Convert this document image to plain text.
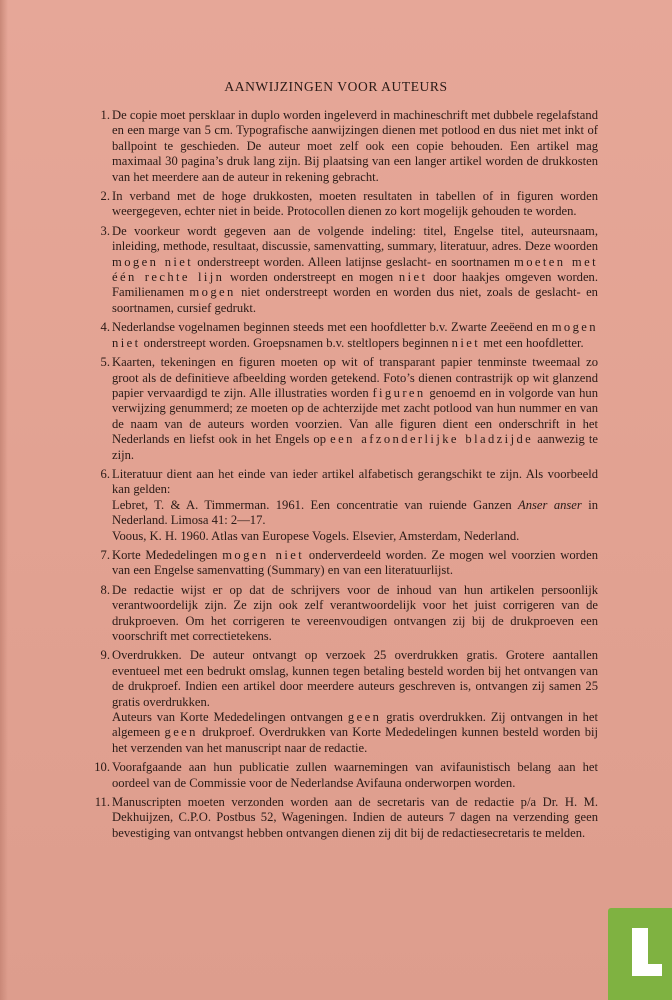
AANWIJZINGEN VOOR AUTEURS
1. De copie moet persklaar in duplo worden ingeleverd in machineschrift met dubbele regelafstand en een marge van 5 cm. Typografische aanwijzingen dienen met potlood en dus niet met inkt of ballpoint te geschieden. De auteur moet zelf ook een copie behouden. Een artikel mag maximaal 30 pagina’s druk lang zijn. Bij plaatsing van een langer artikel worden de drukkosten van het meerdere aan de auteur in rekening gebracht.
2. In verband met de hoge drukkosten, moeten resultaten in tabellen of in figuren worden weergegeven, echter niet in beide. Protocollen dienen zo kort mogelijk gehouden te worden.
3. De voorkeur wordt gegeven aan de volgende indeling: titel, Engelse titel, auteursnaam, inleiding, methode, resultaat, discussie, samenvatting, summary, literatuur, adres. Deze woorden mogen niet onderstreept worden. Alleen latijnse geslacht- en soortnamen moeten met één rechte lijn worden onderstreept en mogen niet door haakjes omgeven worden. Familienamen mogen niet onderstreept worden en worden dus niet, zoals de geslacht- en soortnamen, cursief gedrukt.
4. Nederlandse vogelnamen beginnen steeds met een hoofdletter b.v. Zwarte Zeeëend en mogen niet onderstreept worden. Groepsnamen b.v. steltlopers beginnen niet met een hoofdletter.
5. Kaarten, tekeningen en figuren moeten op wit of transparant papier tenminste tweemaal zo groot als de definitieve afbeelding worden getekend. Foto’s dienen contrastrijk op wit glanzend papier vervaardigd te zijn. Alle illustraties worden figuren genoemd en in volgorde van hun verwijzing genummerd; ze moeten op de achterzijde met zacht potlood van hun nummer en van de naam van de auteurs worden voorzien. Van alle figuren dient een onderschrift in het Nederlands en liefst ook in het Engels op een afzonderlijke bladzijde aanwezig te zijn.
6. Literatuur dient aan het einde van ieder artikel alfabetisch gerangschikt te zijn. Als voorbeeld kan gelden:
Lebret, T. & A. Timmerman. 1961. Een concentratie van ruiende Ganzen Anser anser in Nederland. Limosa 41: 2—17.
Voous, K. H. 1960. Atlas van Europese Vogels. Elsevier, Amsterdam, Nederland.
7. Korte Mededelingen mogen niet onderverdeeld worden. Ze mogen wel voorzien worden van een Engelse samenvatting (Summary) en van een literatuurlijst.
8. De redactie wijst er op dat de schrijvers voor de inhoud van hun artikelen persoonlijk verantwoordelijk zijn. Ze zijn ook zelf verantwoordelijk voor het juist corrigeren van de drukproeven. Om het corrigeren te vereenvoudigen ontvangen zij bij de drukproeven een voorschrift met correctietekens.
9. Overdrukken. De auteur ontvangt op verzoek 25 overdrukken gratis. Grotere aantallen eventueel met een bedrukt omslag, kunnen tegen betaling besteld worden bij het ontvangen van de drukproef. Indien een artikel door meerdere auteurs geschreven is, ontvangen zij samen 25 gratis overdrukken.
Auteurs van Korte Mededelingen ontvangen geen gratis overdrukken. Zij ontvangen in het algemeen geen drukproef. Overdrukken van Korte Mededelingen kunnen besteld worden bij het verzenden van het manuscript naar de redactie.
10. Voorafgaande aan hun publicatie zullen waarnemingen van avifaunistisch belang aan het oordeel van de Commissie voor de Nederlandse Avifauna onderworpen worden.
11. Manuscripten moeten verzonden worden aan de secretaris van de redactie p/a Dr. H. M. Dekhuijzen, C.P.O. Postbus 52, Wageningen. Indien de auteurs 7 dagen na verzending geen bevestiging van ontvangst hebben ontvangen dienen zij dit bij de redactiesecretaris te melden.
